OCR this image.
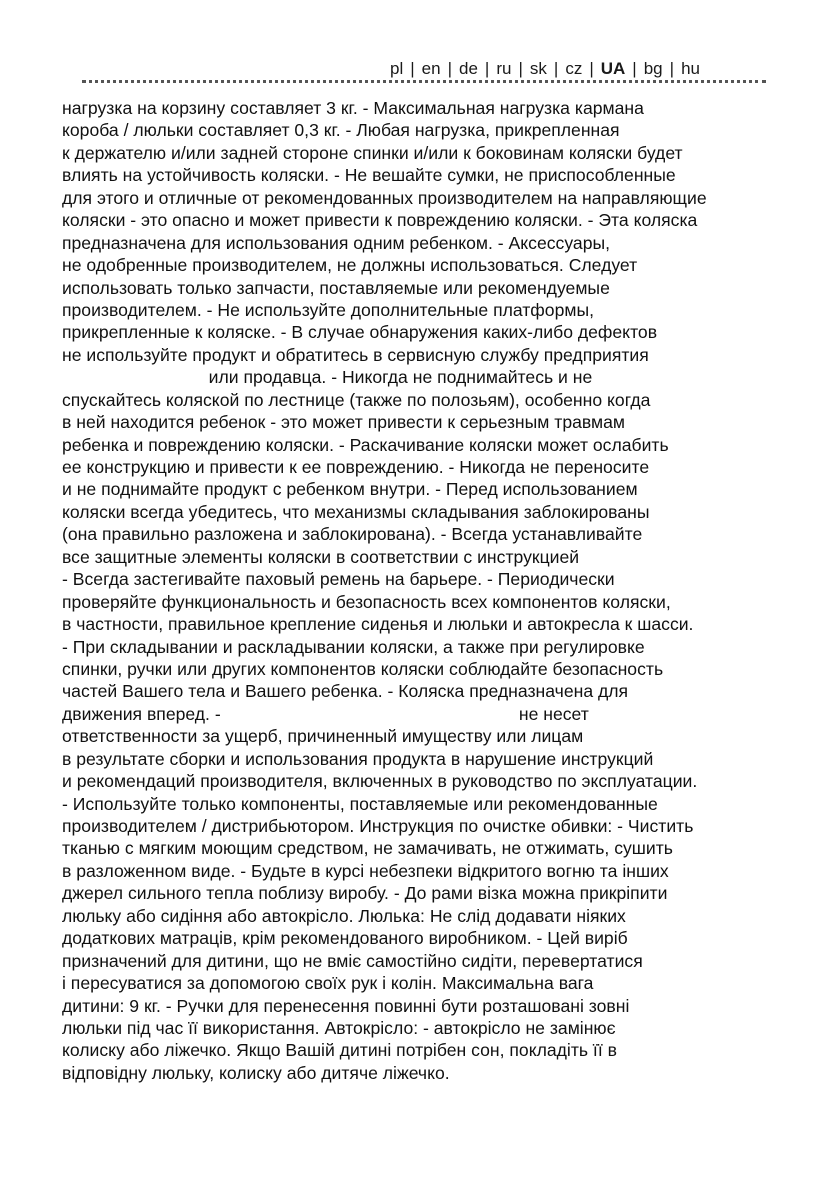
pl | en | de | ru | sk | cz | UA | bg | hu
нагрузка на корзину составляет 3 кг. - Максимальная нагрузка кармана
короба / люльки составляет 0,3 кг. - Любая нагрузка, прикрепленная
к держателю и/или задней стороне спинки и/или к боковинам коляски будет
влиять на устойчивость коляски. - Не вешайте сумки, не приспособленные
для этого и отличные от рекомендованных производителем на направляющие
коляски - это опасно и может привести к повреждению коляски. - Эта коляска
предназначена для использования одним ребенком. - Аксессуары,
не одобренные производителем, не должны использоваться. Следует
использовать только запчасти, поставляемые или рекомендуемые
производителем. - Не используйте дополнительные платформы,
прикрепленные к коляске. - В случае обнаружения каких-либо дефектов
не используйте продукт и обратитесь в сервисную службу предприятия
или продавца. - Никогда не поднимайтесь и не
спускайтесь коляской по лестнице (также по полозьям), особенно когда
в ней находится ребенок - это может привести к серьезным травмам
ребенка и повреждению коляски. - Раскачивание коляски может ослабить
ее конструкцию и привести к ее повреждению. - Никогда не переносите
и не поднимайте продукт с ребенком внутри. - Перед использованием
коляски всегда убедитесь, что механизмы складывания заблокированы
(она правильно разложена и заблокирована). - Всегда устанавливайте
все защитные элементы коляски в соответствии с инструкцией
- Всегда застегивайте паховый ремень на барьере. - Периодически
проверяйте функциональность и безопасность всех компонентов коляски,
в частности, правильное крепление сиденья и люльки и автокресла к шасси.
- При складывании и раскладывании коляски, а также при регулировке
спинки, ручки или других компонентов коляски соблюдайте безопасность
частей Вашего тела и Вашего ребенка. - Коляска предназначена для
движения вперед. -                                                             не несет
ответственности за ущерб, причиненный имуществу или лицам
в результате сборки и использования продукта в нарушение инструкций
и рекомендаций производителя, включенных в руководство по эксплуатации.
- Используйте только компоненты, поставляемые или рекомендованные
производителем / дистрибьютором. Инструкция по очистке обивки: - Чистить
тканью с мягким моющим средством, не замачивать, не отжимать, сушить
в разложенном виде. - Будьте в курсі небезпеки відкритого вогню та інших
джерел сильного тепла поблизу виробу. - До рами візка можна прикріпити
люльку або сидіння або автокрісло. Люлька: Не слід додавати ніяких
додаткових матраців, крім рекомендованого виробником. - Цей виріб
призначений для дитини, що не вміє самостійно сидіти, перевертатися
і пересуватися за допомогою своїх рук і колін. Максимальна вага
дитини: 9 кг. - Ручки для перенесення повинні бути розташовані зовні
люльки під час її використання. Автокрісло: - автокрісло не замінює
колиску або ліжечко. Якщо Вашій дитині потрібен сон, покладіть її в
відповідну люльку, колиску або дитяче ліжечко.
